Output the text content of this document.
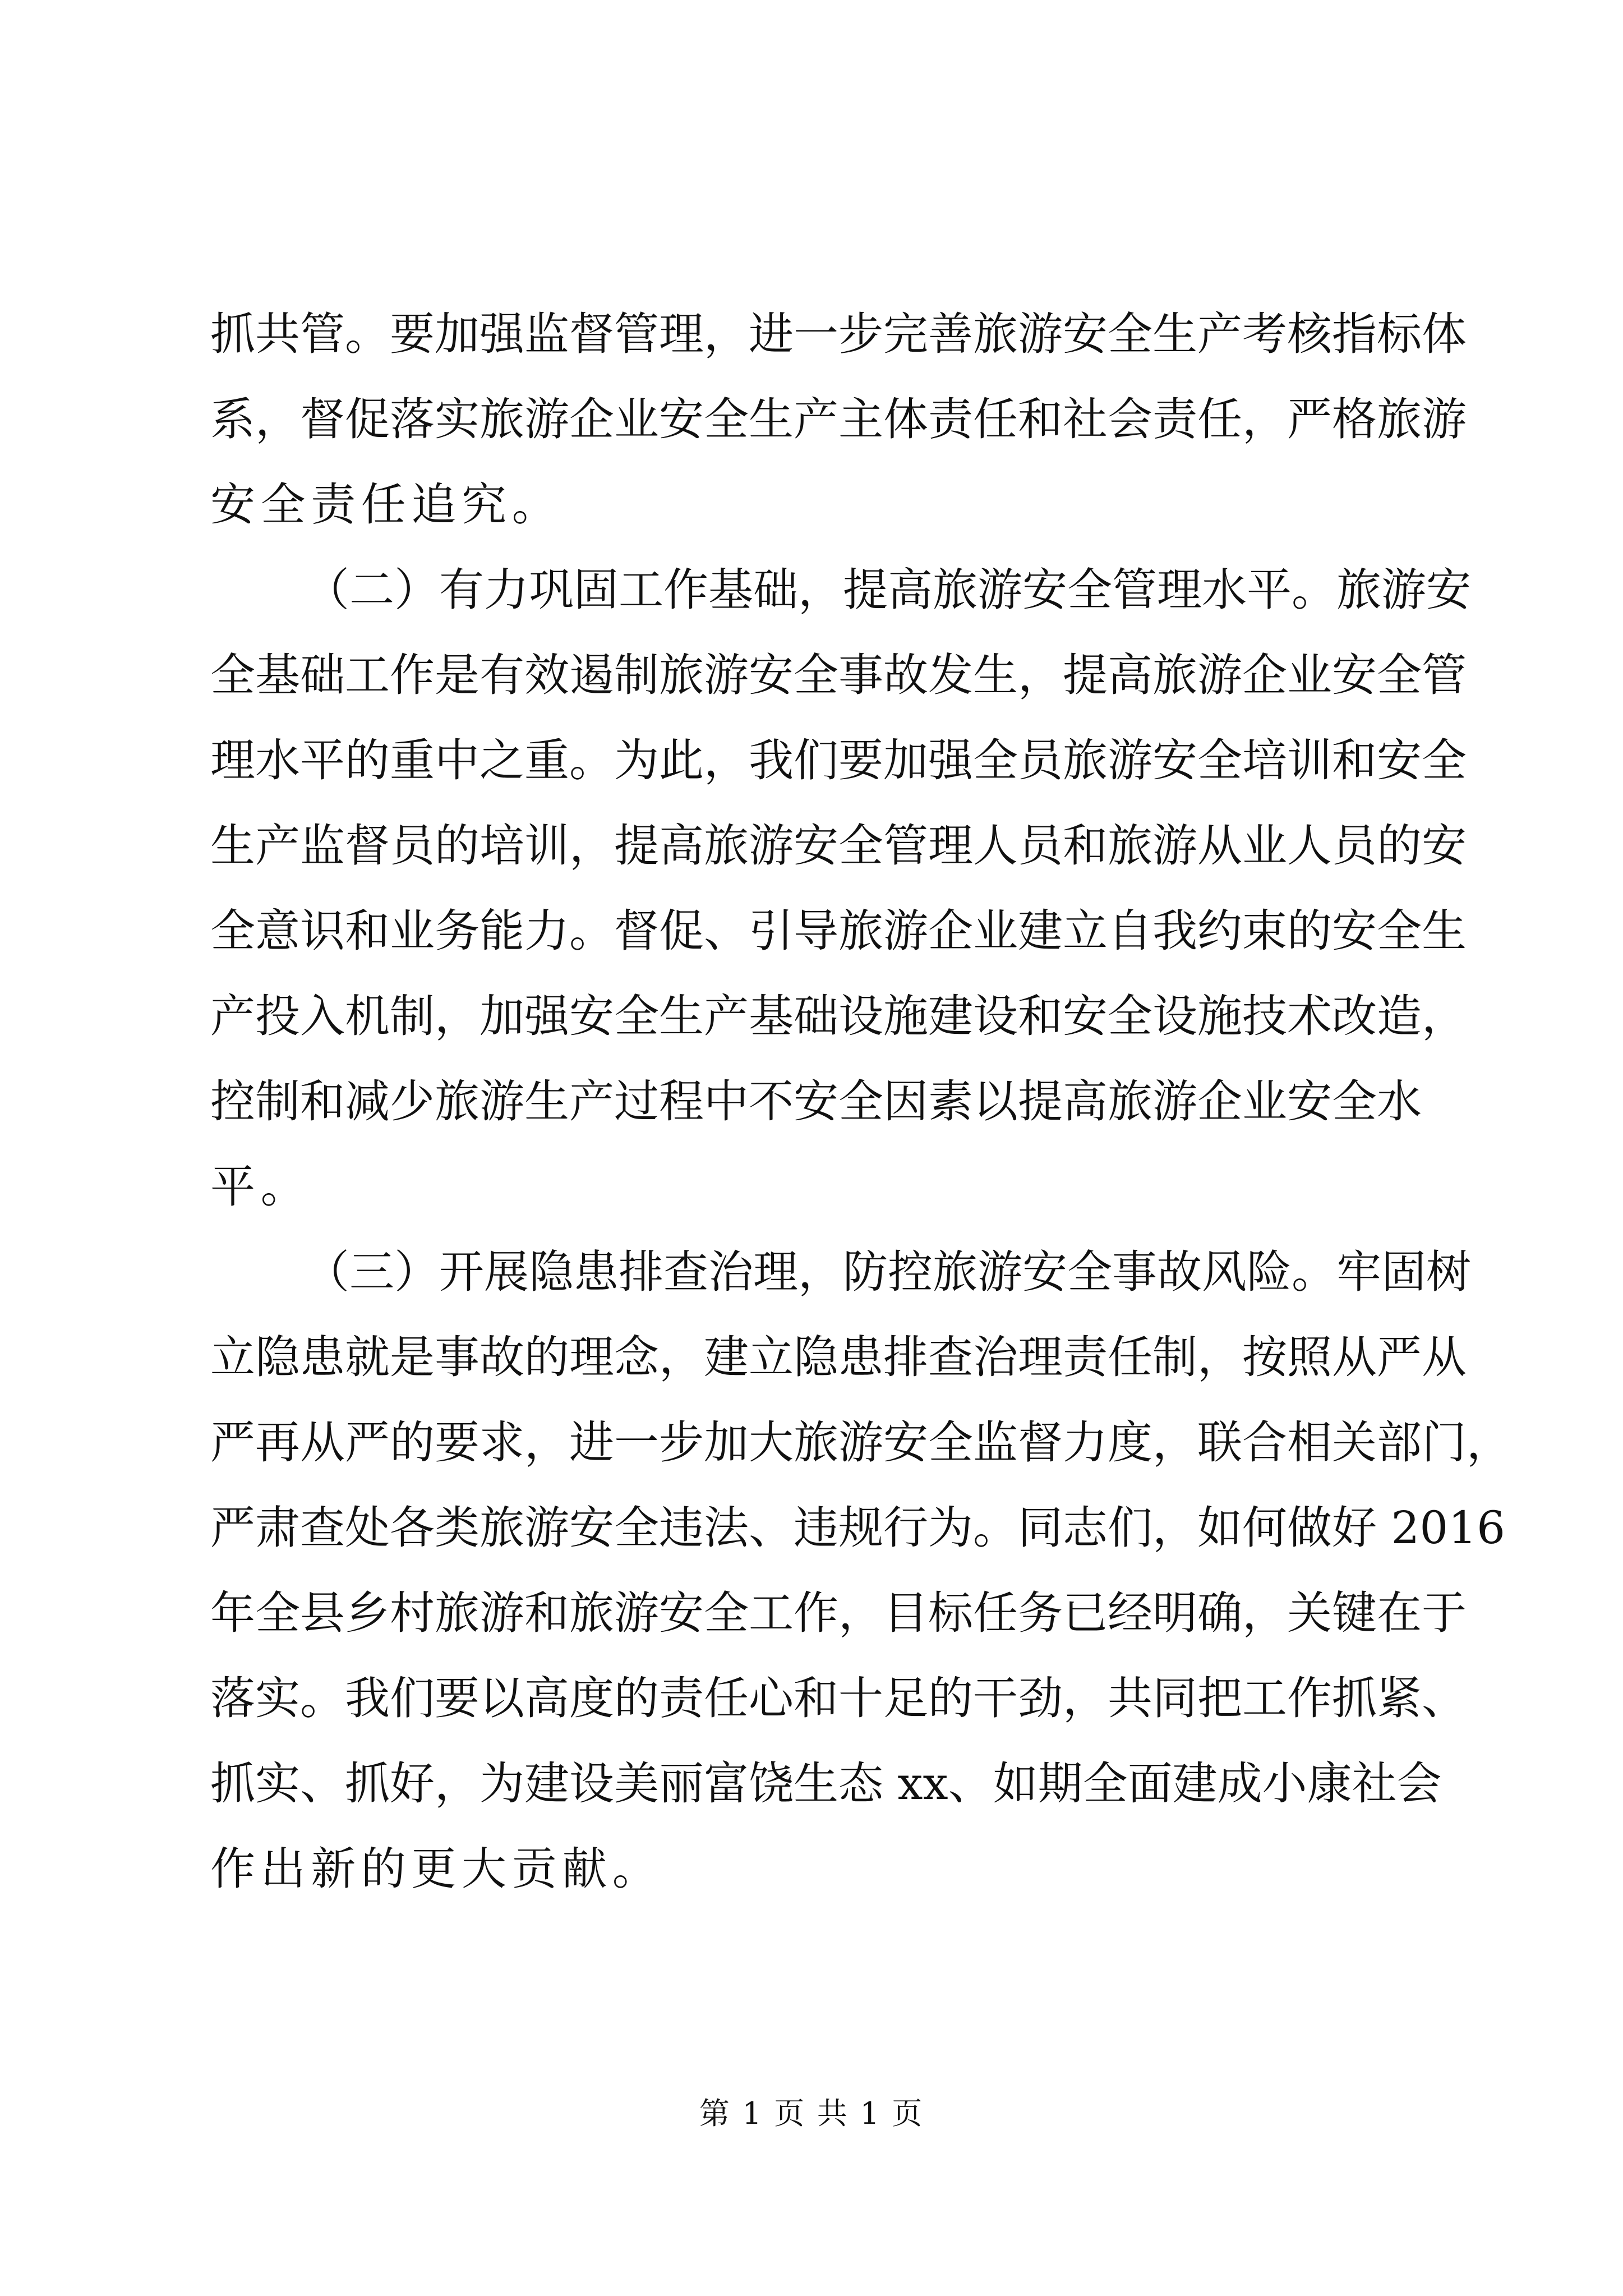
抓共管。要加强监督管理，进一步完善旅游安全生产考核指标体
系，督促落实旅游企业安全生产主体责任和社会责任，严格旅游
安全责任追究。
（二）有力巩固工作基础，提高旅游安全管理水平。旅游安
全基础工作是有效遏制旅游安全事故发生，提高旅游企业安全管
理水平的重中之重。为此，我们要加强全员旅游安全培训和安全
生产监督员的培训，提高旅游安全管理人员和旅游从业人员的安
全意识和业务能力。督促、引导旅游企业建立自我约束的安全生
产投入机制，加强安全生产基础设施建设和安全设施技术改造，
控制和减少旅游生产过程中不安全因素以提高旅游企业安全水
平。
（三）开展隐患排查治理，防控旅游安全事故风险。牢固树
立隐患就是事故的理念，建立隐患排查治理责任制，按照从严从
严再从严的要求，进一步加大旅游安全监督力度，联合相关部门，
严肃查处各类旅游安全违法、违规行为。同志们，如何做好 2016
年全县乡村旅游和旅游安全工作，目标任务已经明确，关键在于
落实。我们要以高度的责任心和十足的干劲，共同把工作抓紧、
抓实、抓好，为建设美丽富饶生态 xx、如期全面建成小康社会
作出新的更大贡献。
第 1 页 共 1 页
